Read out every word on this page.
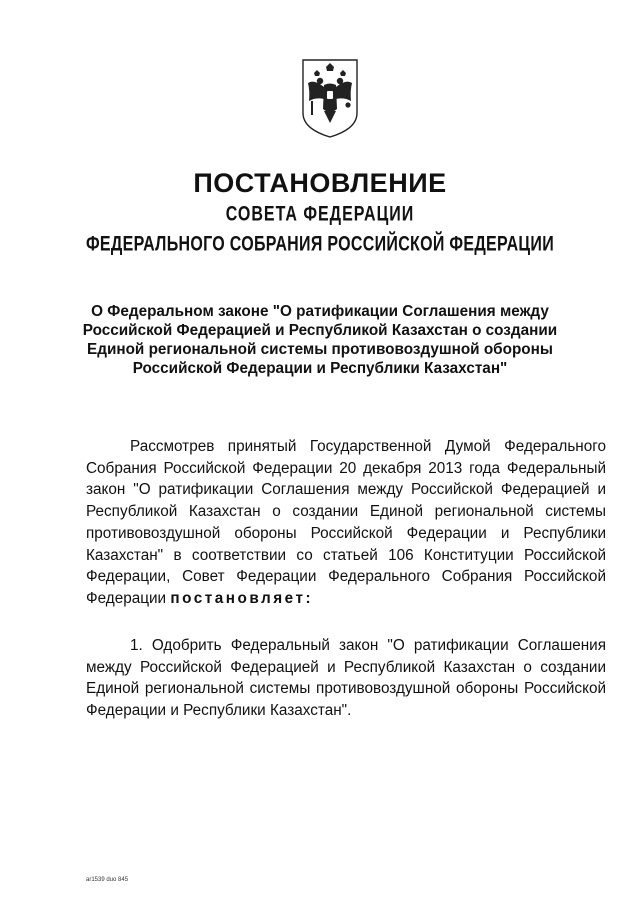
ПОСТАНОВЛЕНИЕ
СОВЕТА ФЕДЕРАЦИИ
ФЕДЕРАЛЬНОГО СОБРАНИЯ РОССИЙСКОЙ ФЕДЕРАЦИИ

О Федеральном законе "О ратификации Соглашения между Российской Федерацией и Республикой Казахстан о создании Единой региональной системы противовоздушной обороны Российской Федерации и Республики Казахстан"

Рассмотрев принятый Государственной Думой Федерального Собрания Российской Федерации 20 декабря 2013 года Федеральный закон "О ратификации Соглашения между Российской Федерацией и Республикой Казахстан о создании Единой региональной системы противовоздушной обороны Российской Федерации и Республики Казахстан" в соответствии со статьей 106 Конституции Российской Федерации, Совет Федерации Федерального Собрания Российской Федерации постановляет:

1. Одобрить Федеральный закон "О ратификации Соглашения между Российской Федерацией и Республикой Казахстан о создании Единой региональной системы противовоздушной обороны Российской Федерации и Республики Казахстан".

ar1539 duo 845
